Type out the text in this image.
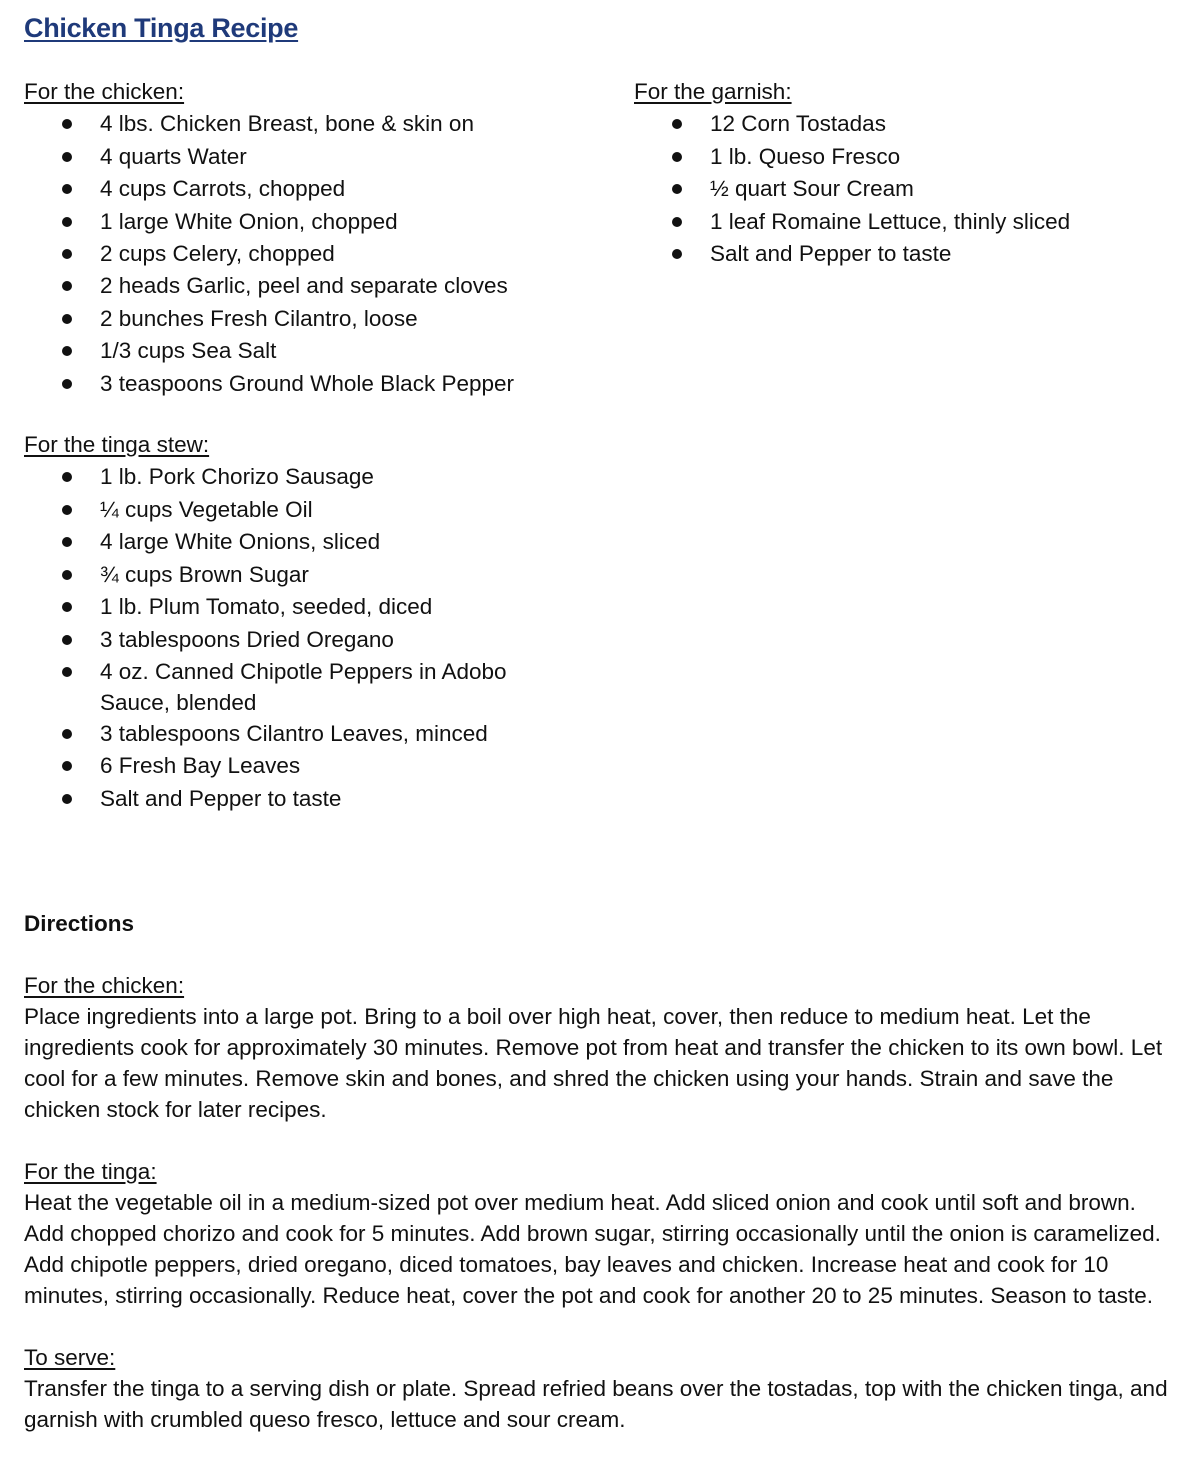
Chicken Tinga Recipe

For the chicken:

4 lbs. Chicken Breast, bone & skin on
4 quarts Water
4 cups Carrots, chopped
1 large White Onion, chopped
2 cups Celery, chopped
2 heads Garlic, peel and separate cloves
2 bunches Fresh Cilantro, loose
1/3 cups Sea Salt
3 teaspoons Ground Whole Black Pepper

For the tinga stew:

1 lb. Pork Chorizo Sausage
¼ cups Vegetable Oil
4 large White Onions, sliced
¾ cups Brown Sugar
1 lb. Plum Tomato, seeded, diced
3 tablespoons Dried Oregano
4 oz. Canned Chipotle Peppers in Adobo Sauce, blended
3 tablespoons Cilantro Leaves, minced
6 Fresh Bay Leaves
Salt and Pepper to taste

For the garnish:

12 Corn Tostadas
1 lb. Queso Fresco
½ quart Sour Cream
1 leaf Romaine Lettuce, thinly sliced
Salt and Pepper to taste

Directions

For the chicken:

Place ingredients into a large pot. Bring to a boil over high heat, cover, then reduce to medium heat. Let the ingredients cook for approximately 30 minutes. Remove pot from heat and transfer the chicken to its own bowl. Let cool for a few minutes. Remove skin and bones, and shred the chicken using your hands. Strain and save the chicken stock for later recipes.

For the tinga:

Heat the vegetable oil in a medium-sized pot over medium heat. Add sliced onion and cook until soft and brown. Add chopped chorizo and cook for 5 minutes. Add brown sugar, stirring occasionally until the onion is caramelized. Add chipotle peppers, dried oregano, diced tomatoes, bay leaves and chicken. Increase heat and cook for 10 minutes, stirring occasionally. Reduce heat, cover the pot and cook for another 20 to 25 minutes. Season to taste.

To serve:

Transfer the tinga to a serving dish or plate. Spread refried beans over the tostadas, top with the chicken tinga, and garnish with crumbled queso fresco, lettuce and sour cream.
